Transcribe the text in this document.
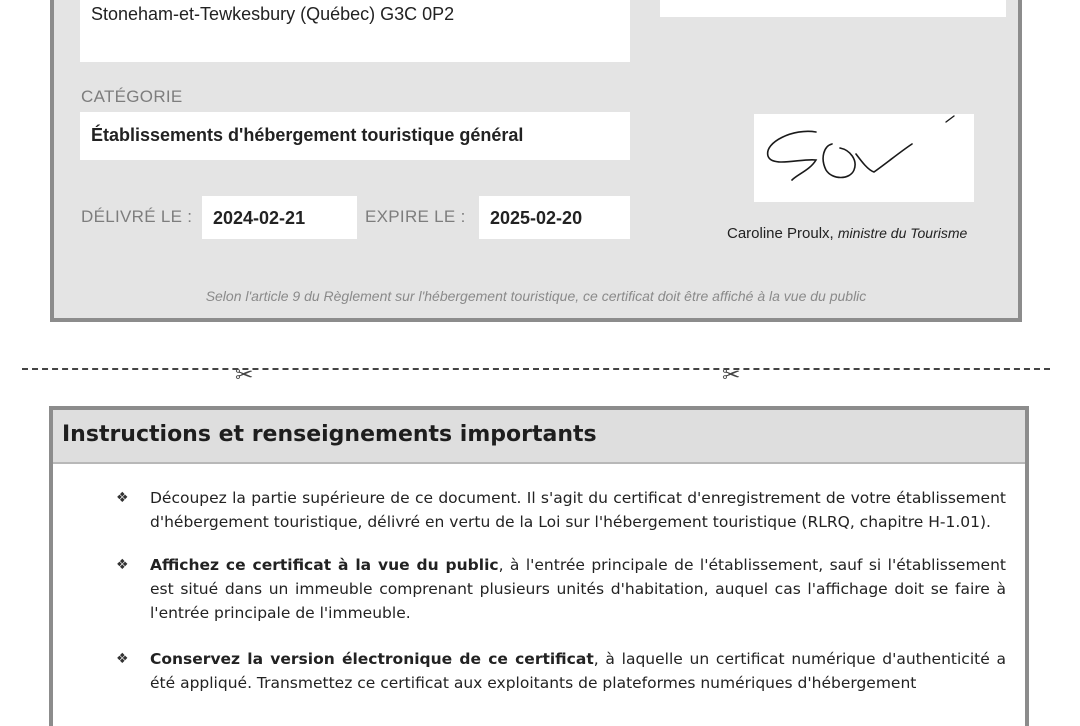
Stoneham-et-Tewkesbury (Québec) G3C 0P2
CATÉGORIE
Établissements d'hébergement touristique général
DÉLIVRÉ LE : 2024-02-21	EXPIRE LE : 2025-02-20
Caroline Proulx, ministre du Tourisme
Selon l'article 9 du Règlement sur l'hébergement touristique, ce certificat doit être affiché à la vue du public
✂	✂
Instructions et renseignements importants
❖ Découpez la partie supérieure de ce document. Il s'agit du certificat d'enregistrement de votre établissement d'hébergement touristique, délivré en vertu de la Loi sur l'hébergement touristique (RLRQ, chapitre H-1.01).
❖ Affichez ce certificat à la vue du public, à l'entrée principale de l'établissement, sauf si l'établissement est situé dans un immeuble comprenant plusieurs unités d'habitation, auquel cas l'affichage doit se faire à l'entrée principale de l'immeuble.
❖ Conservez la version électronique de ce certificat, à laquelle un certificat numérique d'authenticité a été appliqué. Transmettez ce certificat aux exploitants de plateformes numériques d'hébergement
